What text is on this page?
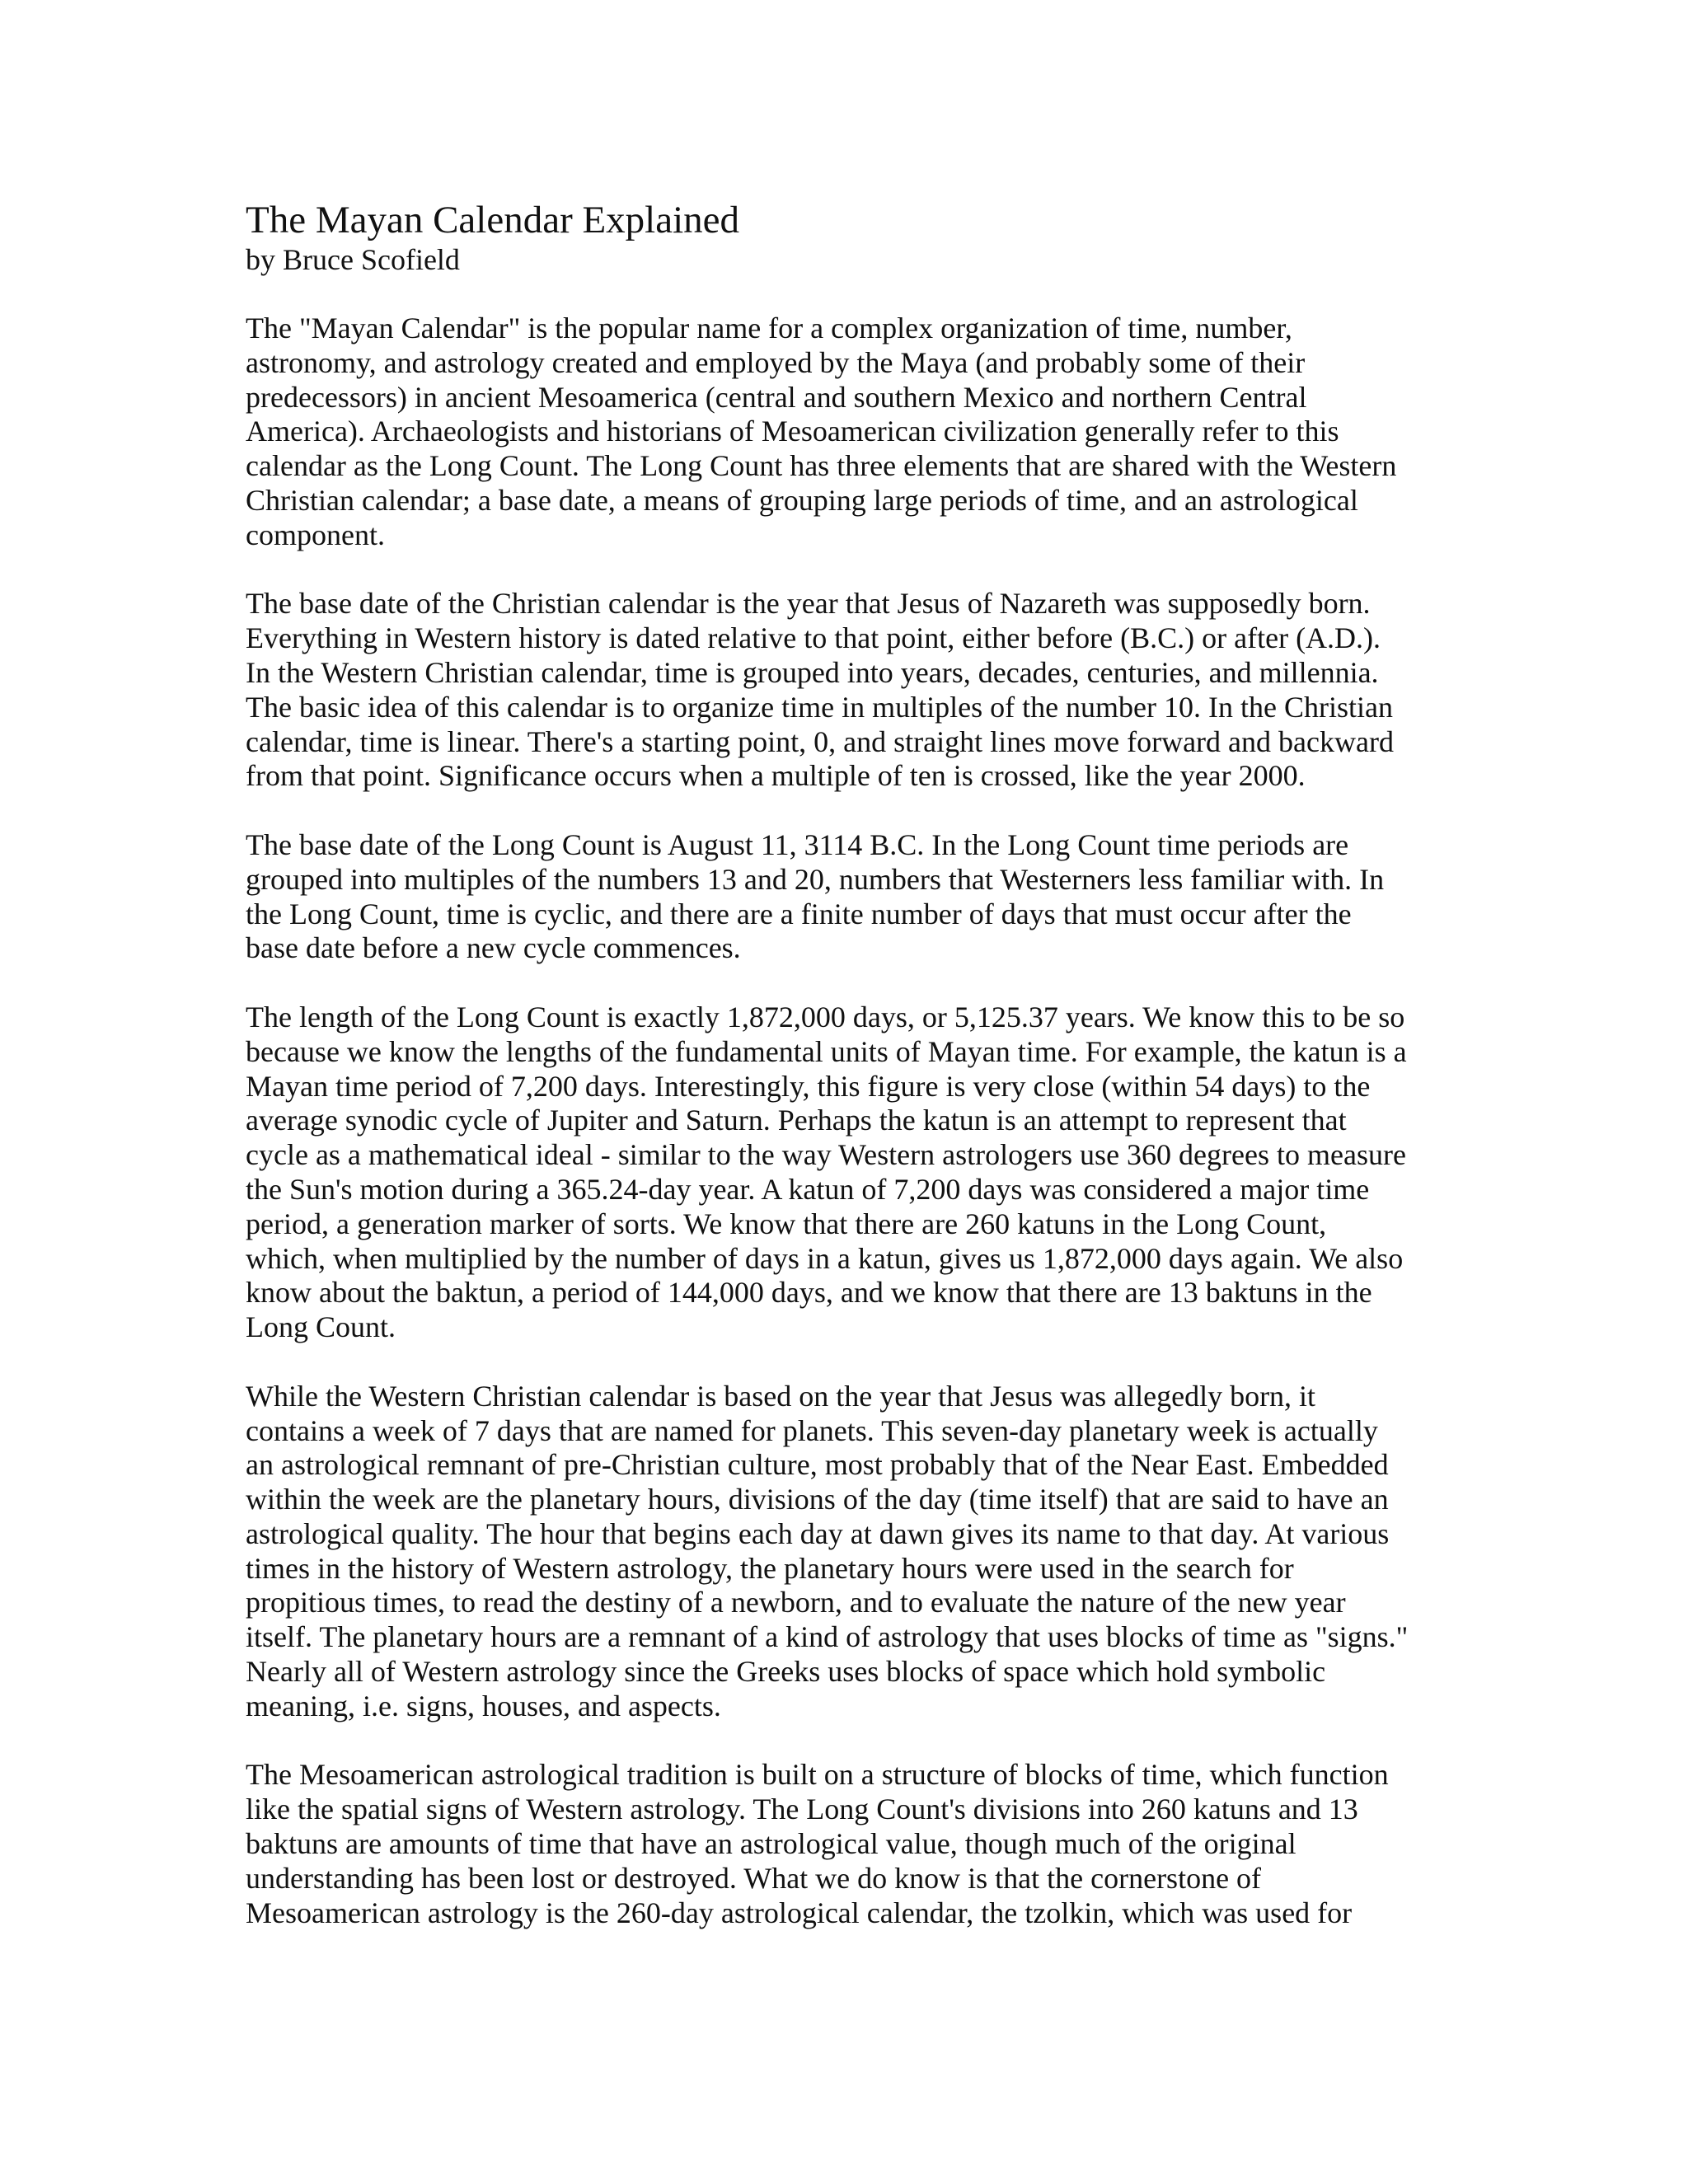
The Mayan Calendar Explained
by Bruce Scofield
The "Mayan Calendar" is the popular name for a complex organization of time, number,
astronomy, and astrology created and employed by the Maya (and probably some of their
predecessors) in ancient Mesoamerica (central and southern Mexico and northern Central
America). Archaeologists and historians of Mesoamerican civilization generally refer to this
calendar as the Long Count. The Long Count has three elements that are shared with the Western
Christian calendar; a base date, a means of grouping large periods of time, and an astrological
component.
The base date of the Christian calendar is the year that Jesus of Nazareth was supposedly born.
Everything in Western history is dated relative to that point, either before (B.C.) or after (A.D.).
In the Western Christian calendar, time is grouped into years, decades, centuries, and millennia.
The basic idea of this calendar is to organize time in multiples of the number 10. In the Christian
calendar, time is linear. There's a starting point, 0, and straight lines move forward and backward
from that point. Significance occurs when a multiple of ten is crossed, like the year 2000.
The base date of the Long Count is August 11, 3114 B.C. In the Long Count time periods are
grouped into multiples of the numbers 13 and 20, numbers that Westerners less familiar with. In
the Long Count, time is cyclic, and there are a finite number of days that must occur after the
base date before a new cycle commences.
The length of the Long Count is exactly 1,872,000 days, or 5,125.37 years. We know this to be so
because we know the lengths of the fundamental units of Mayan time. For example, the katun is a
Mayan time period of 7,200 days. Interestingly, this figure is very close (within 54 days) to the
average synodic cycle of Jupiter and Saturn. Perhaps the katun is an attempt to represent that
cycle as a mathematical ideal - similar to the way Western astrologers use 360 degrees to measure
the Sun's motion during a 365.24-day year. A katun of 7,200 days was considered a major time
period, a generation marker of sorts. We know that there are 260 katuns in the Long Count,
which, when multiplied by the number of days in a katun, gives us 1,872,000 days again. We also
know about the baktun, a period of 144,000 days, and we know that there are 13 baktuns in the
Long Count.
While the Western Christian calendar is based on the year that Jesus was allegedly born, it
contains a week of 7 days that are named for planets. This seven-day planetary week is actually
an astrological remnant of pre-Christian culture, most probably that of the Near East. Embedded
within the week are the planetary hours, divisions of the day (time itself) that are said to have an
astrological quality. The hour that begins each day at dawn gives its name to that day. At various
times in the history of Western astrology, the planetary hours were used in the search for
propitious times, to read the destiny of a newborn, and to evaluate the nature of the new year
itself. The planetary hours are a remnant of a kind of astrology that uses blocks of time as "signs."
Nearly all of Western astrology since the Greeks uses blocks of space which hold symbolic
meaning, i.e. signs, houses, and aspects.
The Mesoamerican astrological tradition is built on a structure of blocks of time, which function
like the spatial signs of Western astrology. The Long Count's divisions into 260 katuns and 13
baktuns are amounts of time that have an astrological value, though much of the original
understanding has been lost or destroyed. What we do know is that the cornerstone of
Mesoamerican astrology is the 260-day astrological calendar, the tzolkin, which was used for
